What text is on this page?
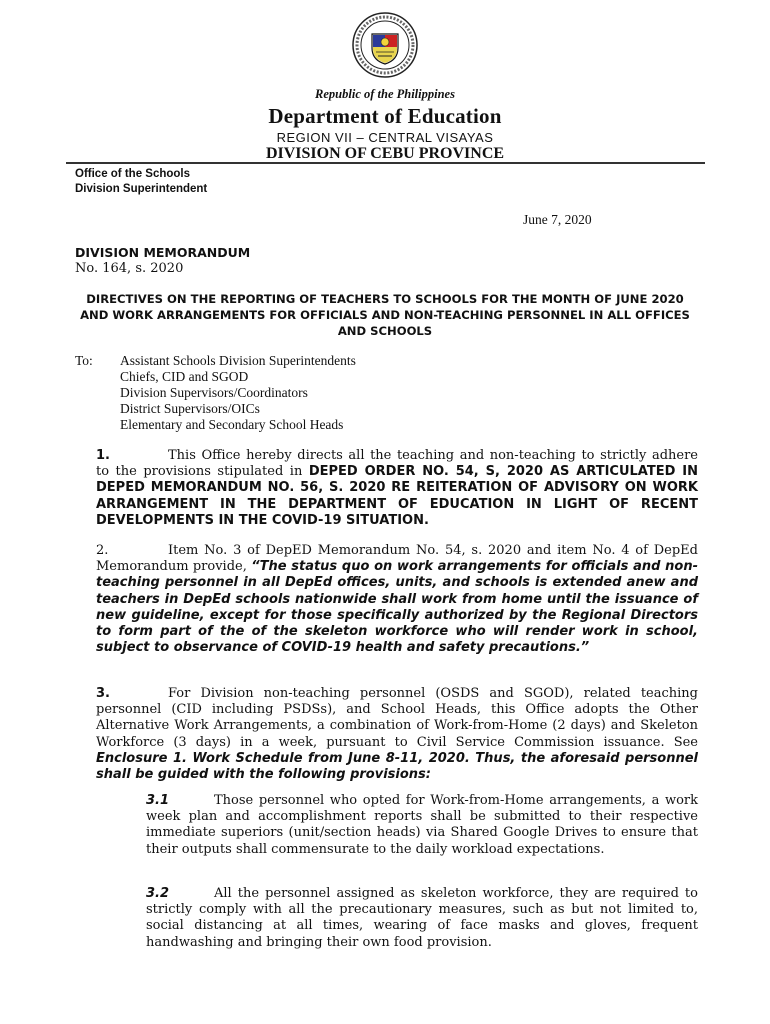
Republic of the Philippines
Department of Education
REGION VII – CENTRAL VISAYAS
DIVISION OF CEBU PROVINCE
Office of the Schools
Division Superintendent
June 7, 2020
DIVISION MEMORANDUM
No. 164, s. 2020
DIRECTIVES ON THE REPORTING OF TEACHERS TO SCHOOLS FOR THE MONTH OF JUNE 2020 AND WORK ARRANGEMENTS FOR OFFICIALS AND NON-TEACHING PERSONNEL IN ALL OFFICES AND SCHOOLS
To: Assistant Schools Division Superintendents
Chiefs, CID and SGOD
Division Supervisors/Coordinators
District Supervisors/OICs
Elementary and Secondary School Heads
1.	This Office hereby directs all the teaching and non-teaching to strictly adhere to the provisions stipulated in DEPED ORDER NO. 54, S, 2020 AS ARTICULATED IN DEPED MEMORANDUM NO. 56, S. 2020 RE REITERATION OF ADVISORY ON WORK ARRANGEMENT IN THE DEPARTMENT OF EDUCATION IN LIGHT OF RECENT DEVELOPMENTS IN THE COVID-19 SITUATION.
2.	Item No. 3 of DepED Memorandum No. 54, s. 2020 and item No. 4 of DepEd Memorandum provide, “The status quo on work arrangements for officials and non-teaching personnel in all DepEd offices, units, and schools is extended anew and teachers in DepEd schools nationwide shall work from home until the issuance of new guideline, except for those specifically authorized by the Regional Directors to form part of the of the skeleton workforce who will render work in school, subject to observance of COVID-19 health and safety precautions.”
3.	For Division non-teaching personnel (OSDS and SGOD), related teaching personnel (CID including PSDSs), and School Heads, this Office adopts the Other Alternative Work Arrangements, a combination of Work-from-Home (2 days) and Skeleton Workforce (3 days) in a week, pursuant to Civil Service Commission issuance. See Enclosure 1. Work Schedule from June 8-11, 2020. Thus, the aforesaid personnel shall be guided with the following provisions:
3.1	Those personnel who opted for Work-from-Home arrangements, a work week plan and accomplishment reports shall be submitted to their respective immediate superiors (unit/section heads) via Shared Google Drives to ensure that their outputs shall commensurate to the daily workload expectations.
3.2	All the personnel assigned as skeleton workforce, they are required to strictly comply with all the precautionary measures, such as but not limited to, social distancing at all times, wearing of face masks and gloves, frequent handwashing and bringing their own food provision.
